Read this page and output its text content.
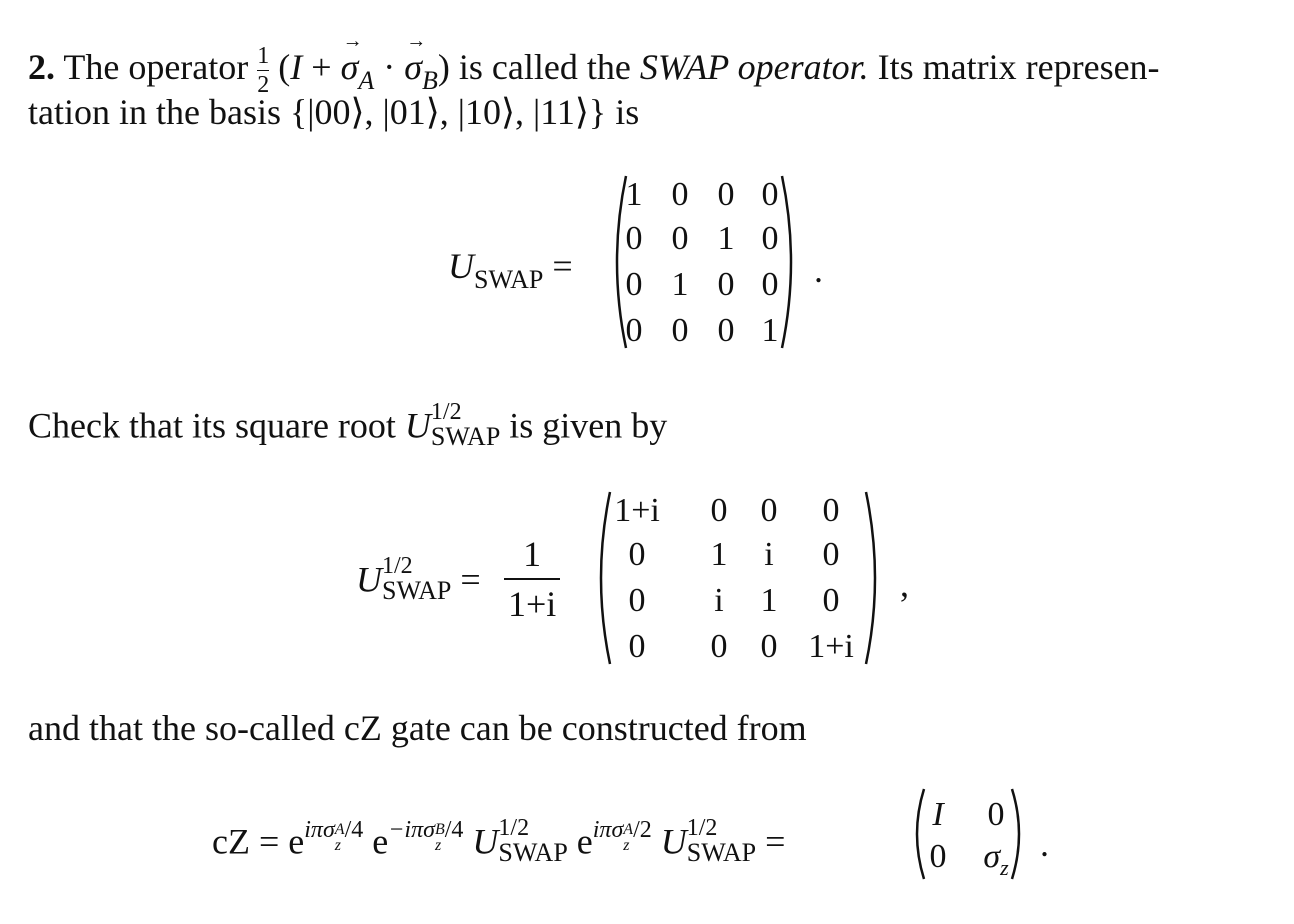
2. The operator $\frac{1}{2} (I$ + → $\sigma_A$ · → $\sigma_B$) is called the SWAP operator. Its matrix represen-
tation in the basis {|00⟩, |01⟩, |10⟩, |11⟩} is
$U_{SWAP}$ =
1 0 0 0
0 0 1 0
0 1 0 0
0 0 0 1
.
Check that its square root U 1/2
SWAP is given by
U 1/2
SWAP =
1
1+i
1+i	0 0	0
0	1	i	0
0	i	1	0
0	0 0 1+i
,
and that the so-called cZ gate can be constructed from
cZ = $e^{i\pi\sigma A z /4}$ $e^{-i\pi\sigma B z /4}$ U 1/2
SWAP $e^{i\pi\sigma A z /2}$ U 1/2
SWAP =
I	0
0	$\sigma_z$
.
